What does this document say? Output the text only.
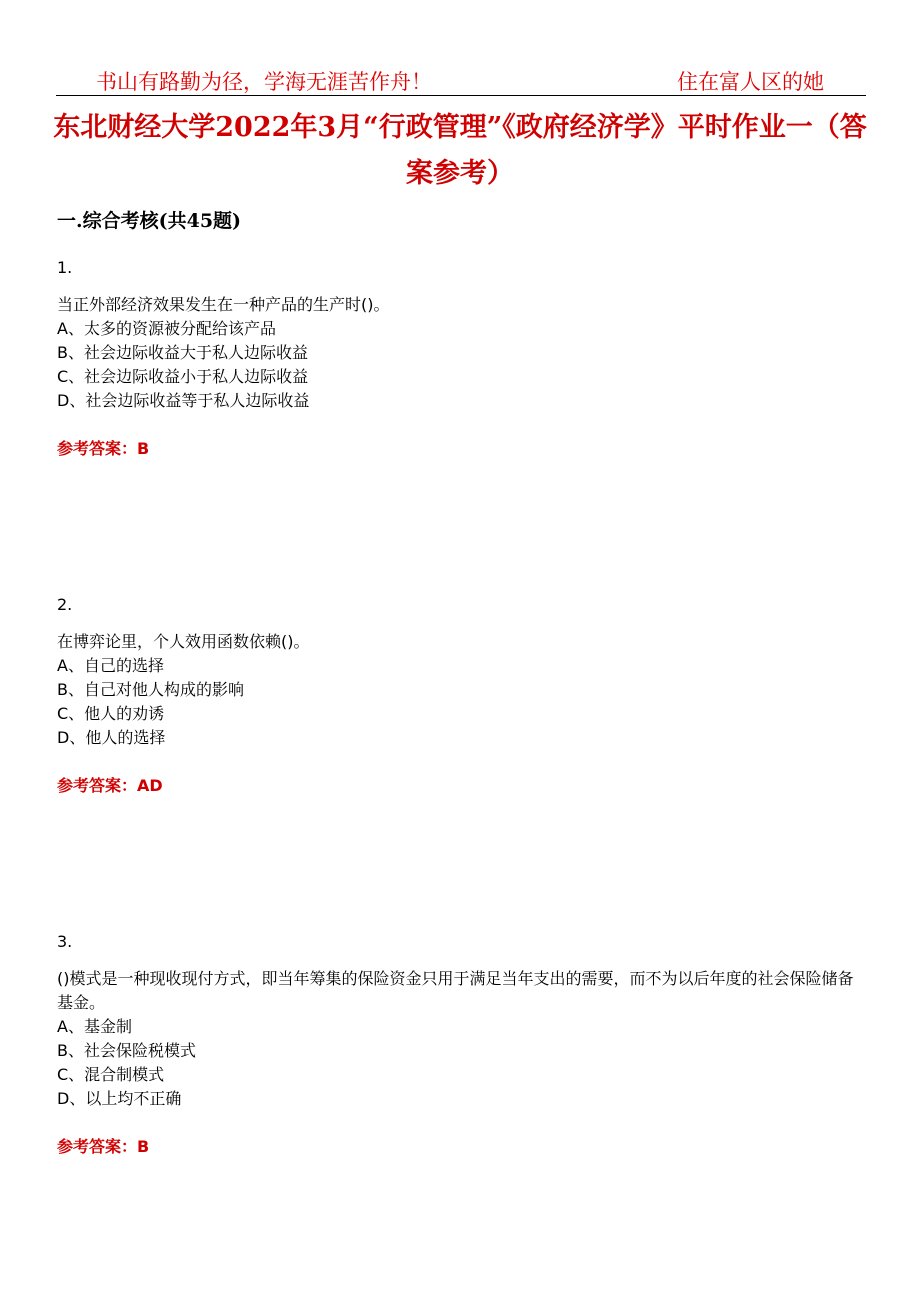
书山有路勤为径，学海无涯苦作舟！	住在富人区的她
东北财经大学2022年3月“行政管理”《政府经济学》平时作业一（答案参考）
一.综合考核(共45题)
1.
当正外部经济效果发生在一种产品的生产时()。
A、太多的资源被分配给该产品
B、社会边际收益大于私人边际收益
C、社会边际收益小于私人边际收益
D、社会边际收益等于私人边际收益
参考答案：B
2.
在博弈论里，个人效用函数依赖()。
A、自己的选择
B、自己对他人构成的影响
C、他人的劝诱
D、他人的选择
参考答案：AD
3.
()模式是一种现收现付方式，即当年筹集的保险资金只用于满足当年支出的需要，而不为以后年度的社会保险储备基金。
A、基金制
B、社会保险税模式
C、混合制模式
D、以上均不正确
参考答案：B
